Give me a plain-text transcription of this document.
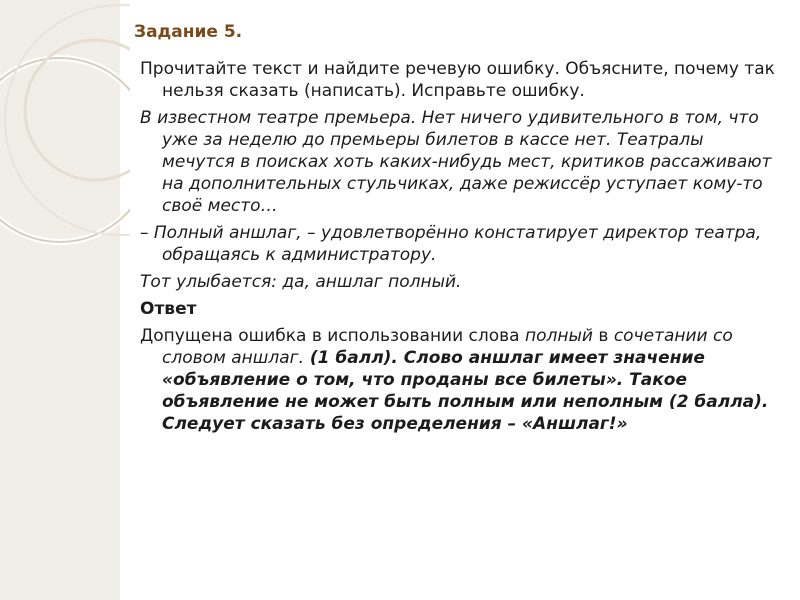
Задание 5.

Прочитайте текст и найдите речевую ошибку. Объясните, почему так нельзя сказать (написать). Исправьте ошибку.

В известном театре премьера. Нет ничего удивительного в том, что уже за неделю до премьеры билетов в кассе нет. Театралы мечутся в поисках хоть каких-нибудь мест, критиков рассаживают на дополнительных стульчиках, даже режиссёр уступает кому-то своё место…

– Полный аншлаг, – удовлетворённо констатирует директор театра, обращаясь к администратору.

Тот улыбается: да, аншлаг полный.

Ответ

Допущена ошибка в использовании слова полный в сочетании со словом аншлаг. (1 балл). Слово аншлаг имеет значение «объявление о том, что проданы все билеты». Такое объявление не может быть полным или неполным (2 балла). Следует сказать без определения – «Аншлаг!»
